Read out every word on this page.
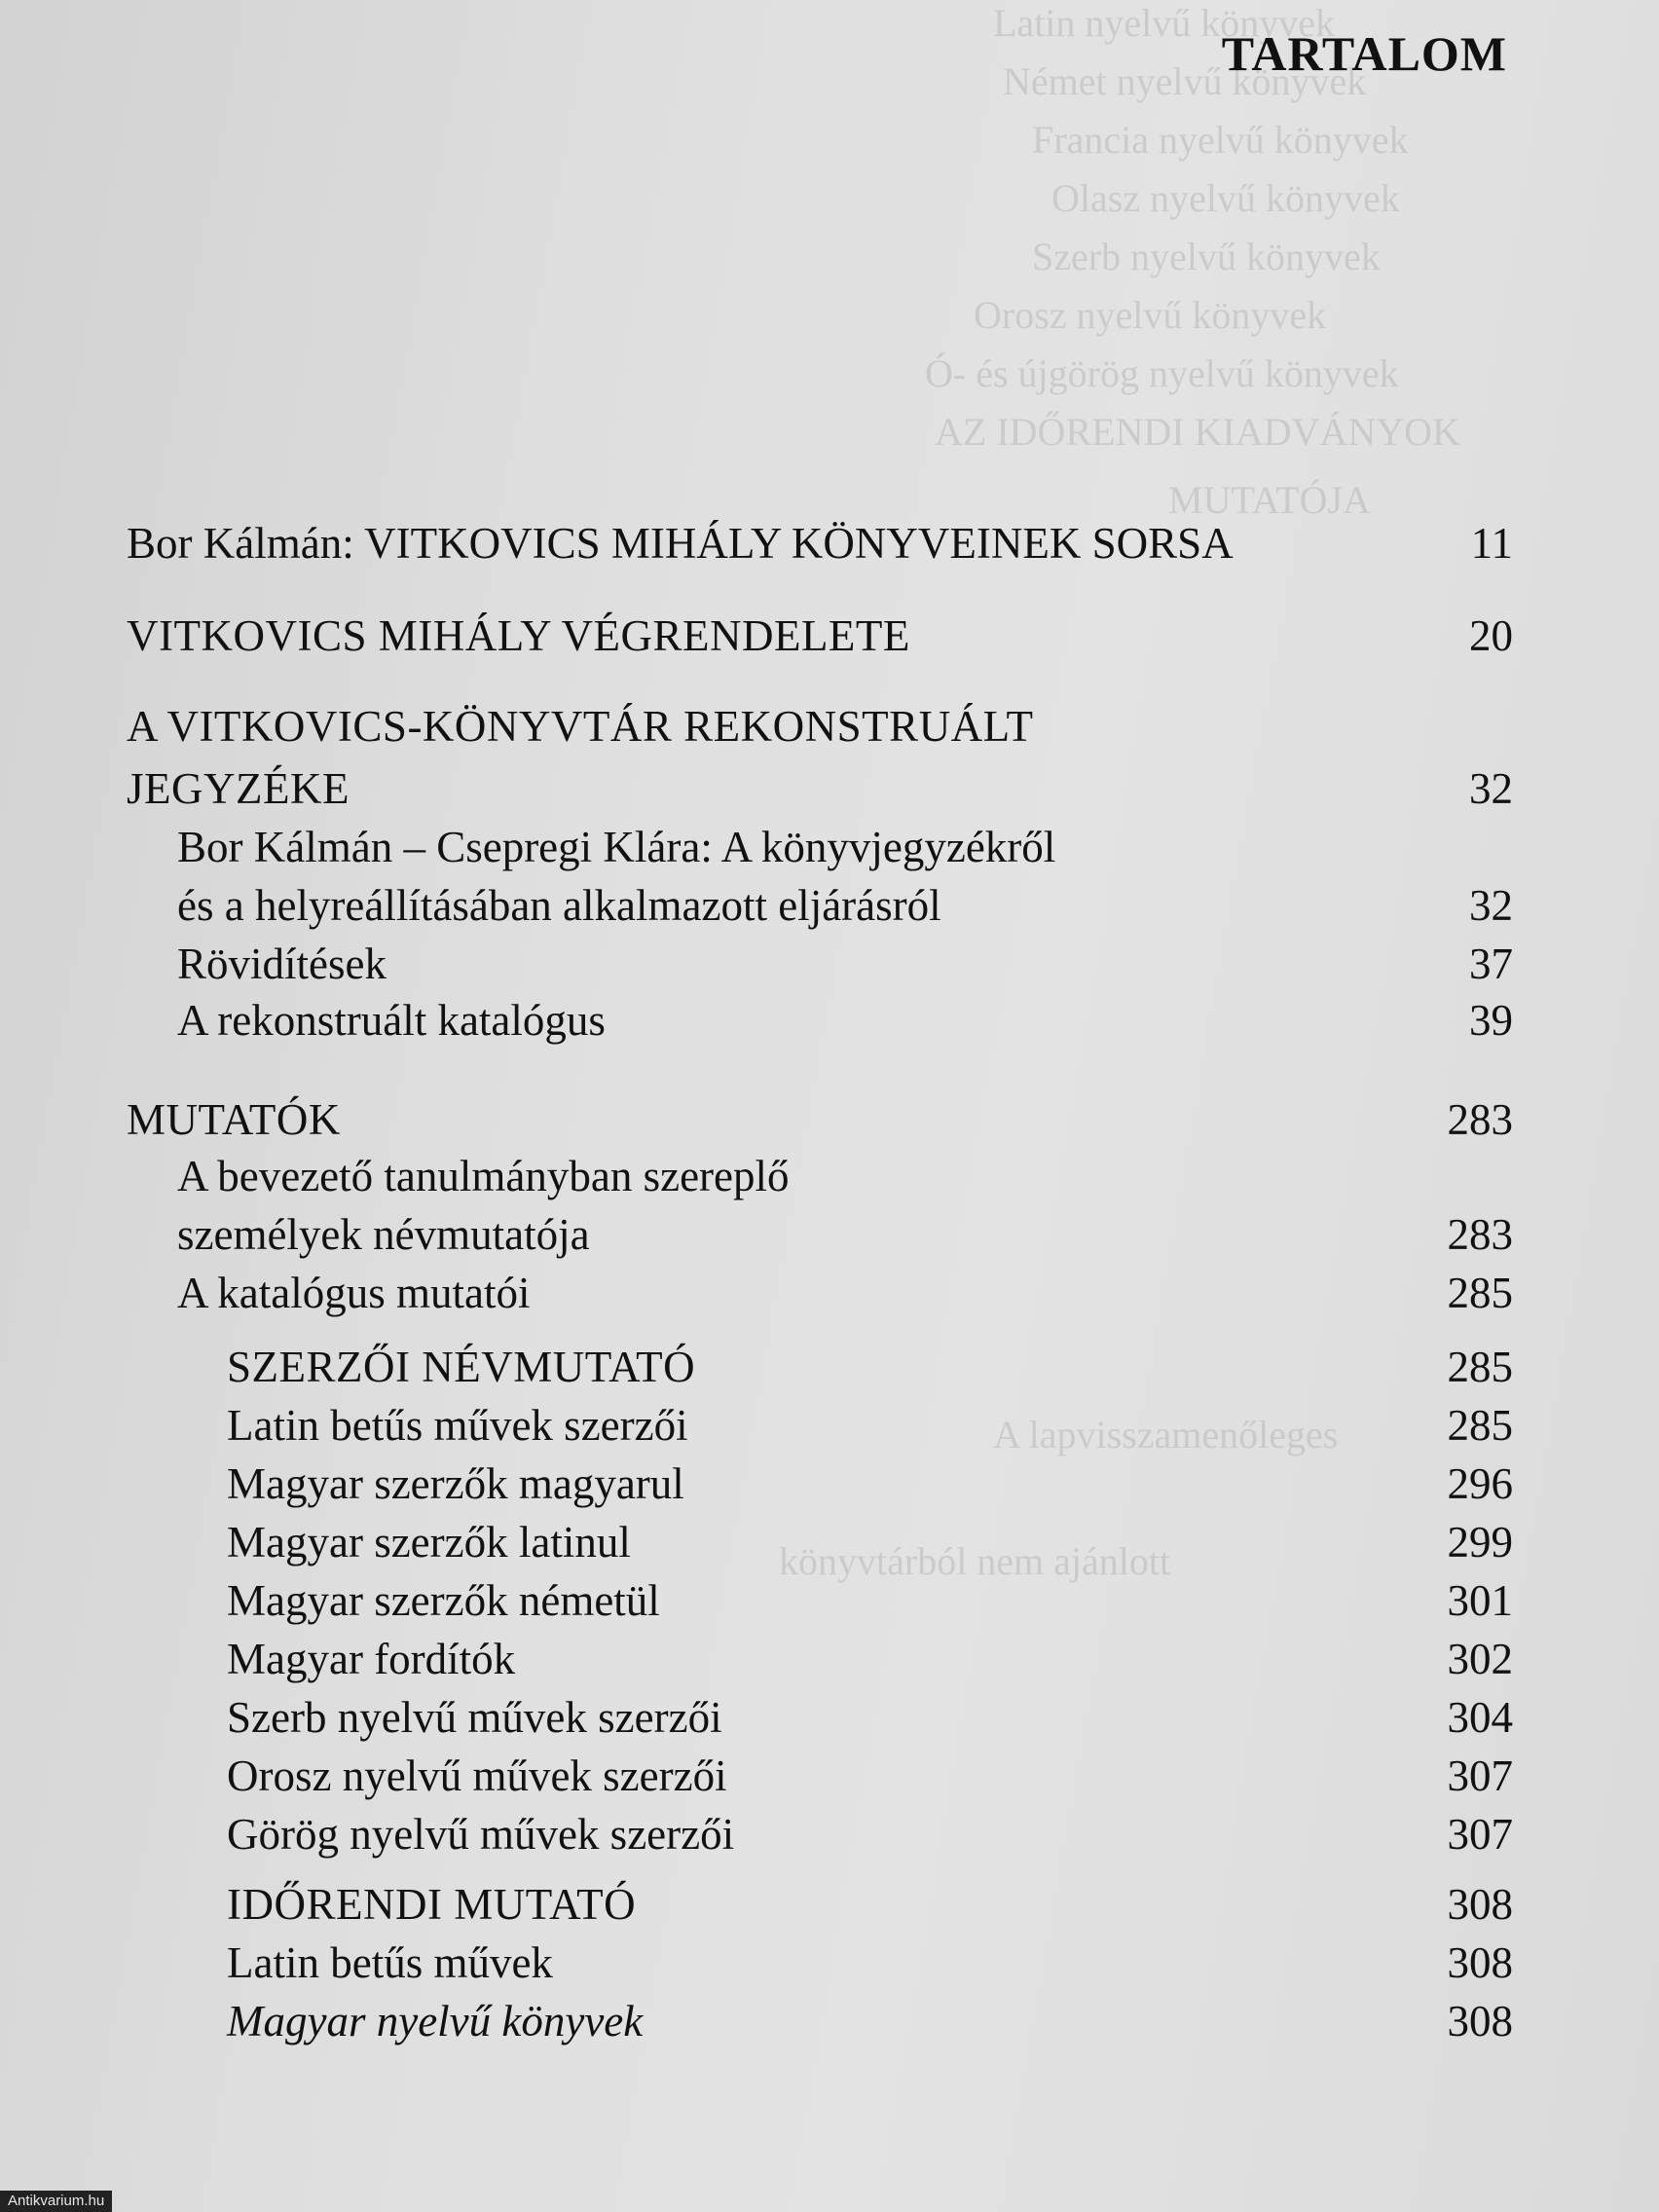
Latin nyelvű könyvek
Német nyelvű könyvek
Francia nyelvű könyvek
Olasz nyelvű könyvek
Szerb nyelvű könyvek
Orosz nyelvű könyvek
Ó- és újgörög nyelvű könyvek
AZ IDŐRENDI KIADVÁNYOK
MUTATÓJA
A lapvisszamenőleges
könyvtárból nem ajánlott
TARTALOM
Bor Kálmán: VITKOVICS MIHÁLY KÖNYVEINEK SORSA	11
VITKOVICS MIHÁLY VÉGRENDELETE	20
A VITKOVICS-KÖNYVTÁR REKONSTRUÁLT
JEGYZÉKE	32
Bor Kálmán – Csepregi Klára: A könyvjegyzékről
és a helyreállításában alkalmazott eljárásról	32
Rövidítések	37
A rekonstruált katalógus	39
MUTATÓK	283
A bevezető tanulmányban szereplő
személyek névmutatója	283
A katalógus mutatói	285
SZERZŐI NÉVMUTATÓ	285
Latin betűs művek szerzői	285
Magyar szerzők magyarul	296
Magyar szerzők latinul	299
Magyar szerzők németül	301
Magyar fordítók	302
Szerb nyelvű művek szerzői	304
Orosz nyelvű művek szerzői	307
Görög nyelvű művek szerzői	307
IDŐRENDI MUTATÓ	308
Latin betűs művek	308
Magyar nyelvű könyvek	308
Antikvarium.hu
